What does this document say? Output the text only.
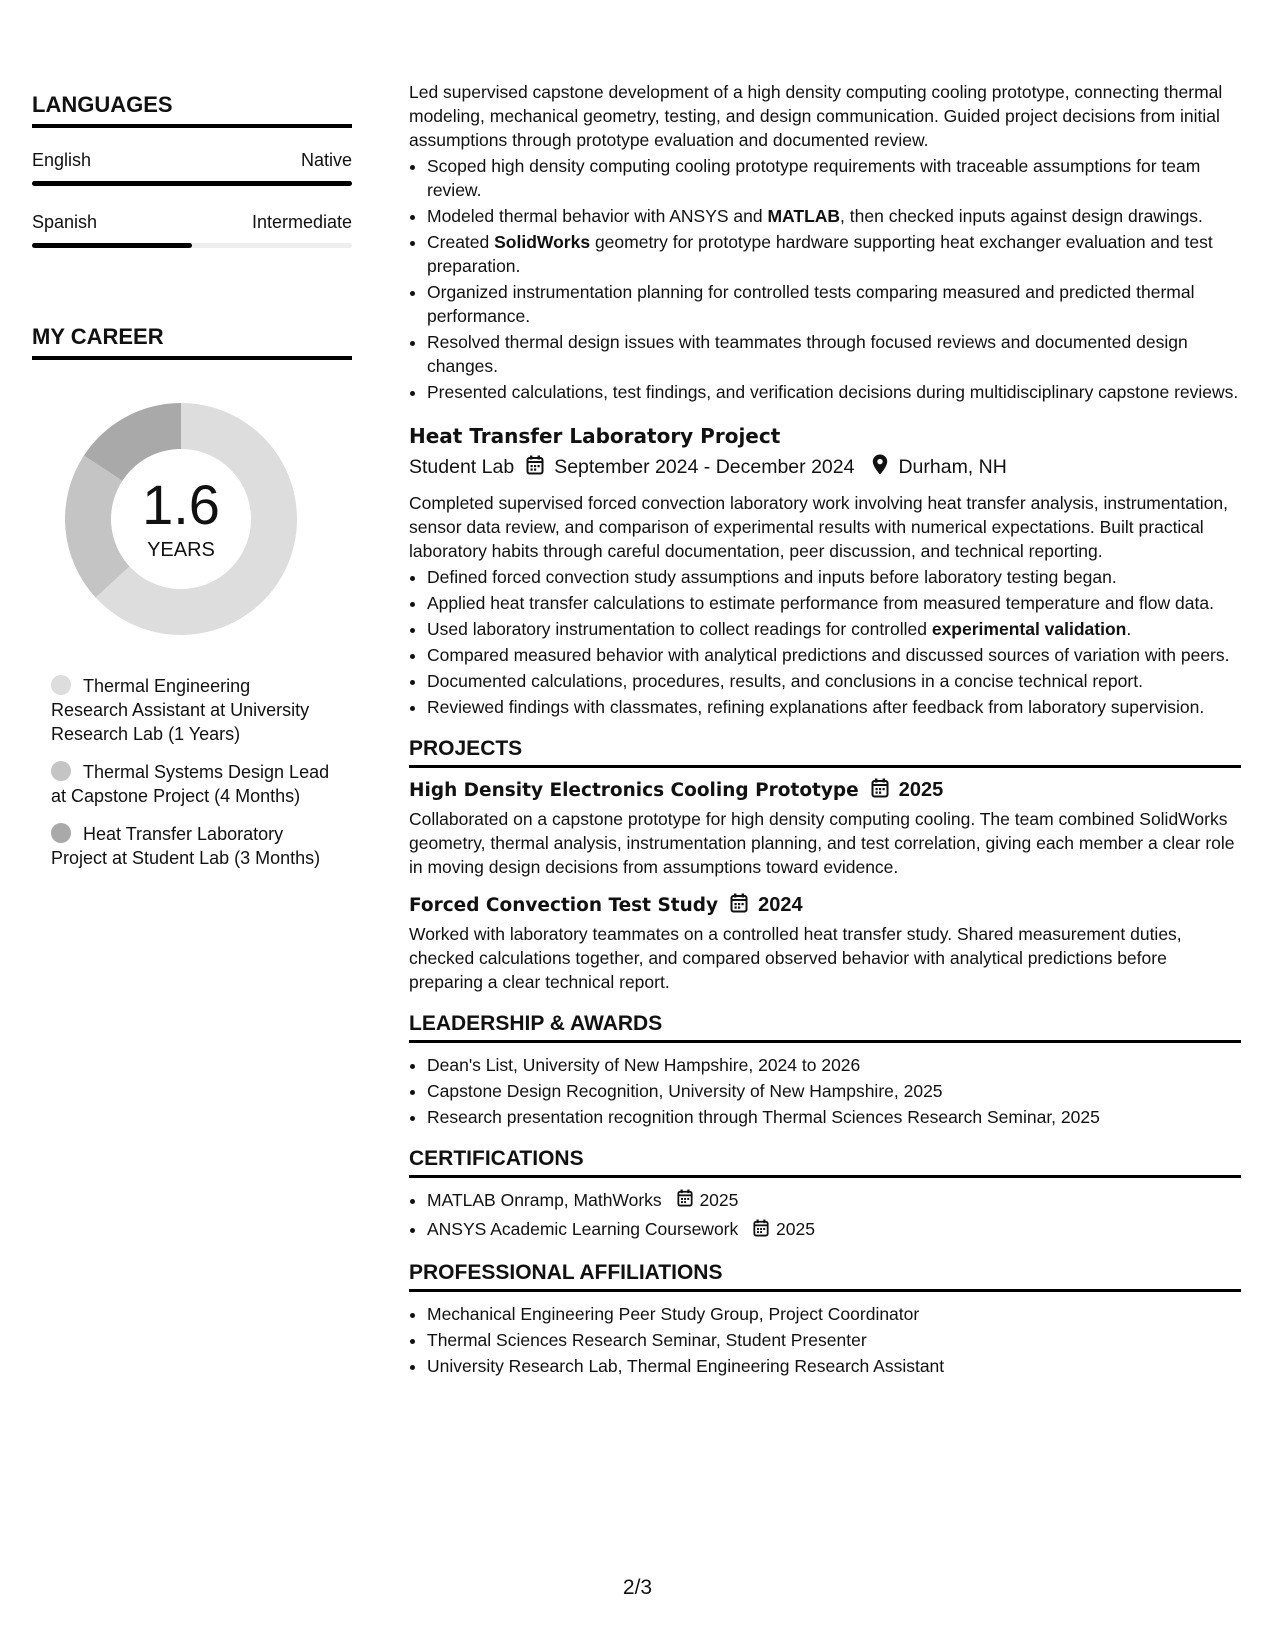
LANGUAGES
English	Native
Spanish	Intermediate
MY CAREER
1.6
YEARS
Thermal Engineering Research Assistant at University Research Lab (1 Years)
Thermal Systems Design Lead at Capstone Project (4 Months)
Heat Transfer Laboratory Project at Student Lab (3 Months)

Led supervised capstone development of a high density computing cooling prototype, connecting thermal modeling, mechanical geometry, testing, and design communication. Guided project decisions from initial assumptions through prototype evaluation and documented review.

• Scoped high density computing cooling prototype requirements with traceable assumptions for team review.
• Modeled thermal behavior with ANSYS and MATLAB, then checked inputs against design drawings.
• Created SolidWorks geometry for prototype hardware supporting heat exchanger evaluation and test preparation.
• Organized instrumentation planning for controlled tests comparing measured and predicted thermal performance.
• Resolved thermal design issues with teammates through focused reviews and documented design changes.
• Presented calculations, test findings, and verification decisions during multidisciplinary capstone reviews.
Heat Transfer Laboratory Project
Student Lab September 2024 - December 2024 Durham, NH

Completed supervised forced convection laboratory work involving heat transfer analysis, instrumentation, sensor data review, and comparison of experimental results with numerical expectations. Built practical laboratory habits through careful documentation, peer discussion, and technical reporting.

• Defined forced convection study assumptions and inputs before laboratory testing began.
• Applied heat transfer calculations to estimate performance from measured temperature and flow data.
• Used laboratory instrumentation to collect readings for controlled experimental validation.
• Compared measured behavior with analytical predictions and discussed sources of variation with peers.
• Documented calculations, procedures, results, and conclusions in a concise technical report.
• Reviewed findings with classmates, refining explanations after feedback from laboratory supervision.
PROJECTS
High Density Electronics Cooling Prototype 2025

Collaborated on a capstone prototype for high density computing cooling. The team combined SolidWorks geometry, thermal analysis, instrumentation planning, and test correlation, giving each member a clear role in moving design decisions from assumptions toward evidence.

Forced Convection Test Study 2024

Worked with laboratory teammates on a controlled heat transfer study. Shared measurement duties, checked calculations together, and compared observed behavior with analytical predictions before preparing a clear technical report.

LEADERSHIP & AWARDS
• Dean's List, University of New Hampshire, 2024 to 2026
• Capstone Design Recognition, University of New Hampshire, 2025
• Research presentation recognition through Thermal Sciences Research Seminar, 2025
CERTIFICATIONS
• MATLAB Onramp, MathWorks 2025
• ANSYS Academic Learning Coursework 2025
PROFESSIONAL AFFILIATIONS
• Mechanical Engineering Peer Study Group, Project Coordinator
• Thermal Sciences Research Seminar, Student Presenter
• University Research Lab, Thermal Engineering Research Assistant
2/3
